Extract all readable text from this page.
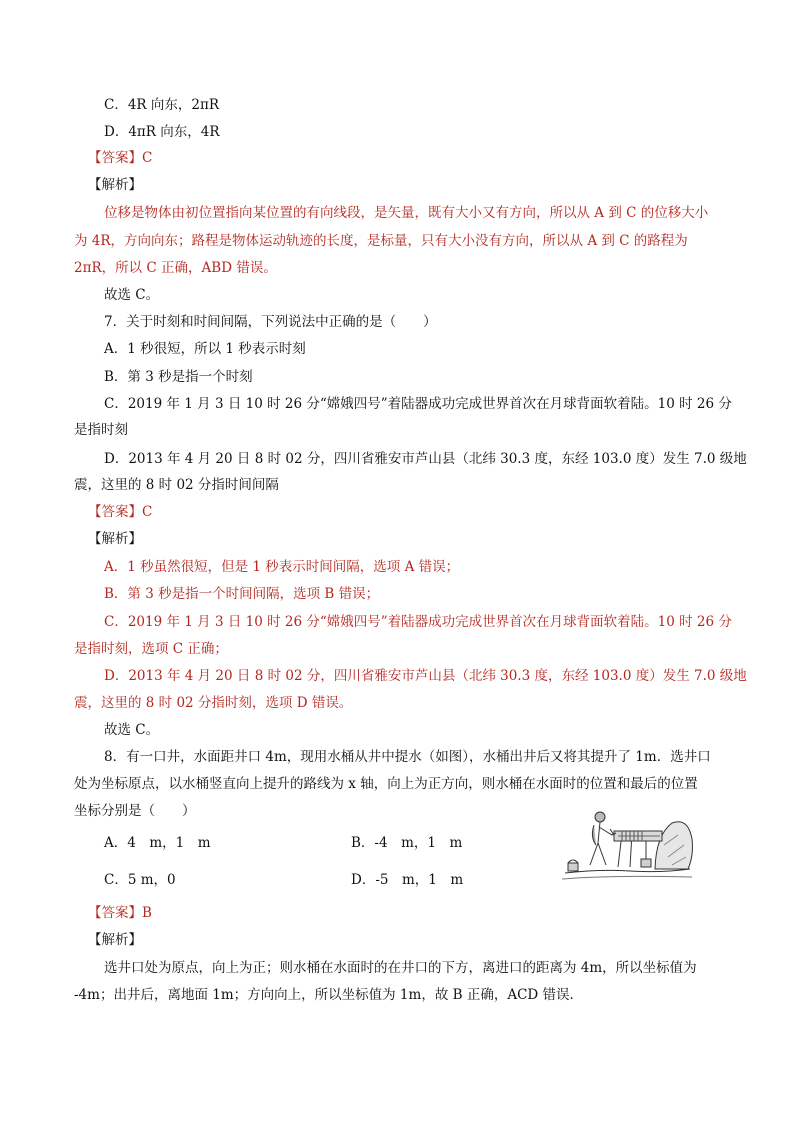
C．4R 向东，2πR
D．4πR 向东，4R
【答案】C
【解析】
位移是物体由初位置指向某位置的有向线段，是矢量，既有大小又有方向，所以从 A 到 C 的位移大小
为 4R，方向向东；路程是物体运动轨迹的长度，是标量，只有大小没有方向，所以从 A 到 C 的路程为
2πR，所以 C 正确，ABD 错误。
故选 C。
7．关于时刻和时间间隔，下列说法中正确的是（　　）
A．1 秒很短，所以 1 秒表示时刻
B．第 3 秒是指一个时刻
C．2019 年 1 月 3 日 10 时 26 分“嫦娥四号”着陆器成功完成世界首次在月球背面软着陆。10 时 26 分
是指时刻
D．2013 年 4 月 20 日 8 时 02 分，四川省雅安市芦山县（北纬 30.3 度，东经 103.0 度）发生 7.0 级地
震，这里的 8 时 02 分指时间间隔
【答案】C
【解析】
A．1 秒虽然很短，但是 1 秒表示时间间隔，选项 A 错误；
B．第 3 秒是指一个时间间隔，选项 B 错误；
C．2019 年 1 月 3 日 10 时 26 分“嫦娥四号”着陆器成功完成世界首次在月球背面软着陆。10 时 26 分
是指时刻，选项 C 正确；
D．2013 年 4 月 20 日 8 时 02 分，四川省雅安市芦山县（北纬 30.3 度，东经 103.0 度）发生 7.0 级地
震，这里的 8 时 02 分指时刻，选项 D 错误。
故选 C。
8．有一口井，水面距井口 4m，现用水桶从井中提水（如图），水桶出井后又将其提升了 1m．选井口
处为坐标原点，以水桶竖直向上提升的路线为 x 轴，向上为正方向，则水桶在水面时的位置和最后的位置
坐标分别是（　　）
A．4　m，1　m	B．-4　m，1　m
C．5 m，0	D．-5　m，1　m
【答案】B
【解析】
选井口处为原点，向上为正；则水桶在水面时的在井口的下方，离进口的距离为 4m，所以坐标值为
-4m；出井后，离地面 1m；方向向上，所以坐标值为 1m，故 B 正确，ACD 错误．
